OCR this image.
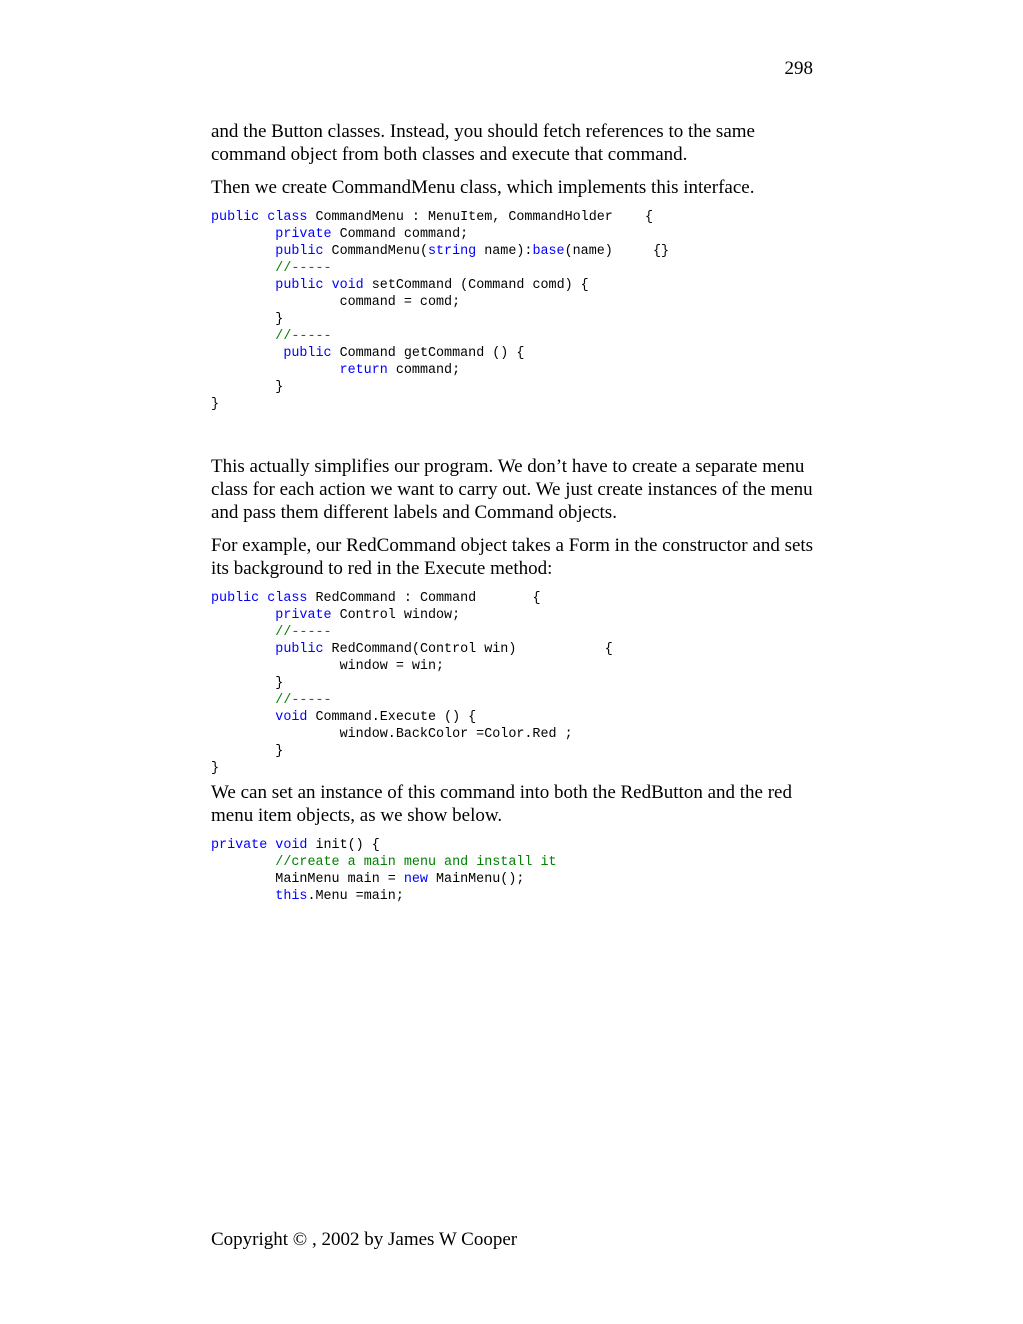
298

and the Button classes. Instead, you should fetch references to the same command object from both classes and execute that command.

Then we create CommandMenu class, which implements this interface.

public class CommandMenu : MenuItem, CommandHolder    {
private Command command;
public CommandMenu(string name):base(name)     {}
//-----
public void setCommand (Command comd) {
command = comd;
}
//-----
public Command getCommand () {
return command;
}
}

This actually simplifies our program. We don’t have to create a separate menu class for each action we want to carry out. We just create instances of the menu and pass them different labels and Command objects.

For example, our RedCommand object takes a Form in the constructor and sets its background to red in the Execute method:

public class RedCommand : Command       {
private Control window;
//-----
public RedCommand(Control win)           {
window = win;
}
//-----
void Command.Execute () {
window.BackColor =Color.Red ;
}
}

We can set an instance of this command into both the RedButton and the red menu item objects, as we show below.

private void init() {
//create a main menu and install it
MainMenu main = new MainMenu();
this.Menu =main;
Copyright © , 2002 by James W Cooper
